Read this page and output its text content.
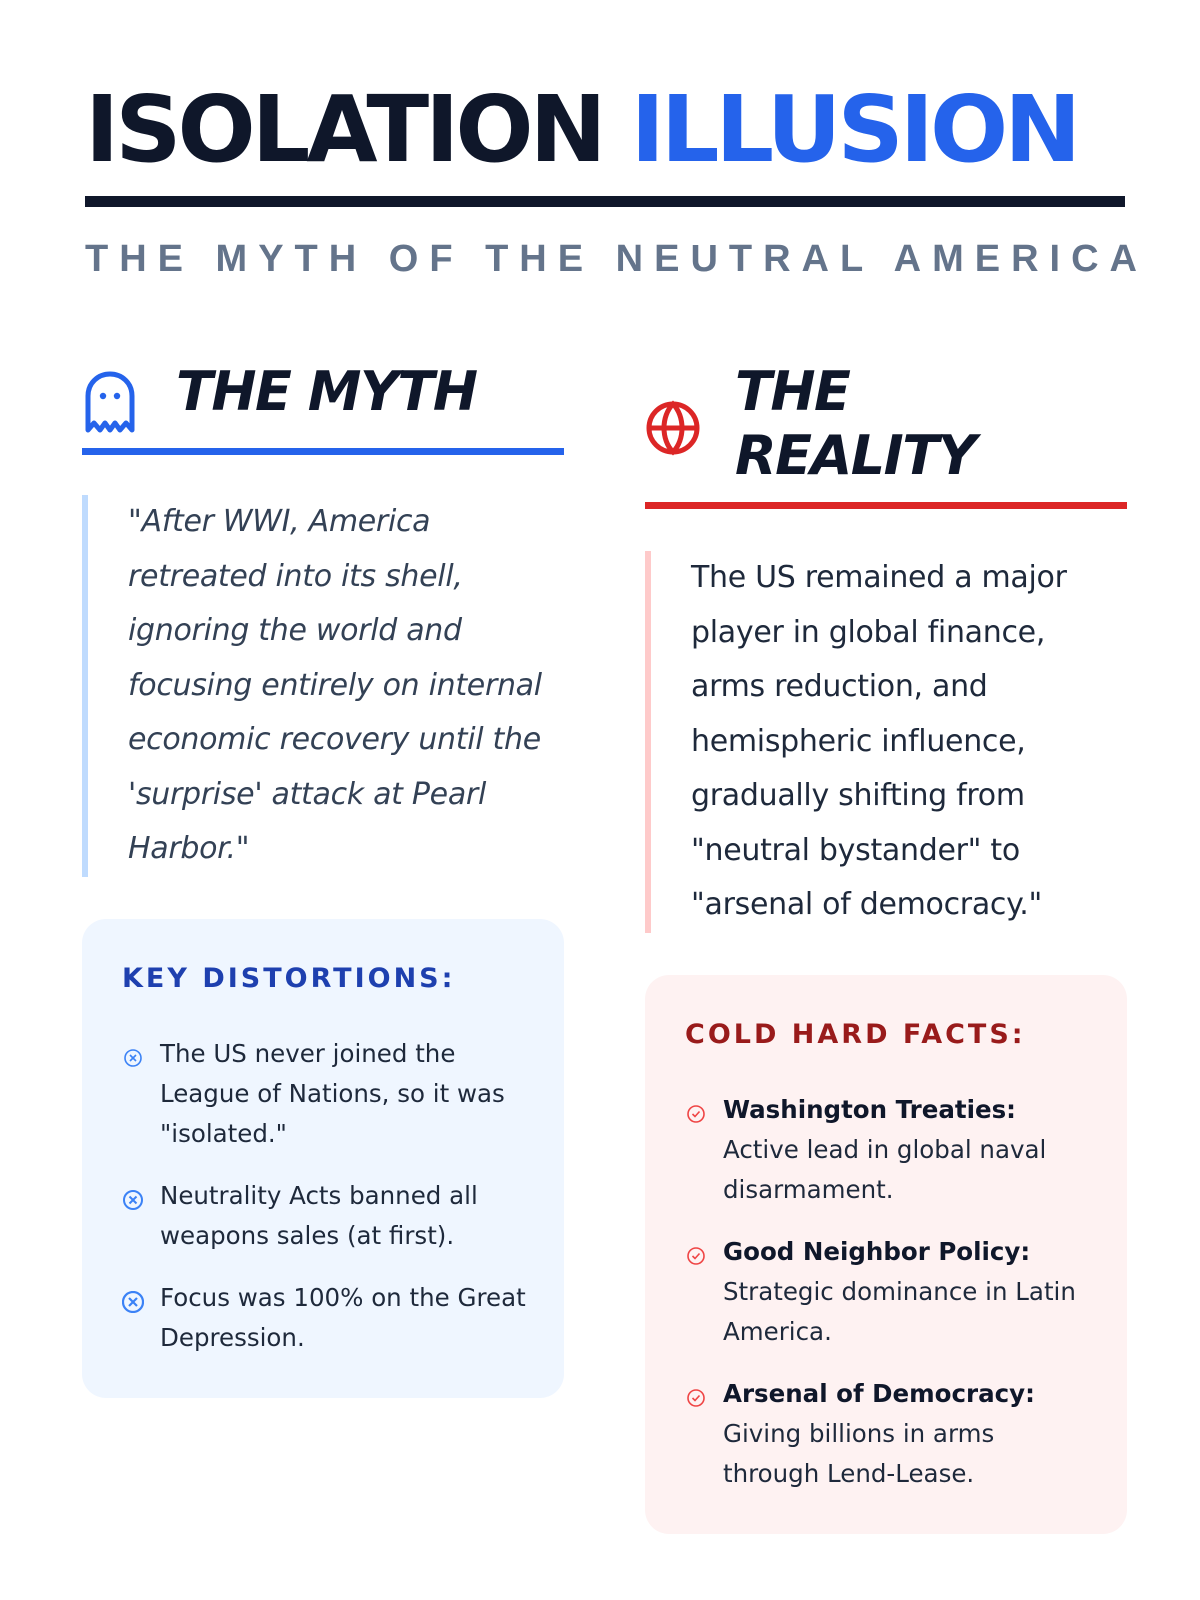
ISOLATION ILLUSION
THE MYTH OF THE NEUTRAL AMERICA
THE MYTH
"After WWI, America retreated into its shell, ignoring the world and focusing entirely on internal economic recovery until the 'surprise' attack at Pearl Harbor."
KEY DISTORTIONS:
The US never joined the League of Nations, so it was "isolated."
Neutrality Acts banned all weapons sales (at first).
Focus was 100% on the Great Depression.
THE REALITY

The US remained a major player in global finance, arms reduction, and hemispheric influence, gradually shifting from "neutral bystander" to "arsenal of democracy."

COLD HARD FACTS:
Washington Treaties:
Active lead in global naval disarmament.
Good Neighbor Policy:
Strategic dominance in Latin America.
Arsenal of Democracy:
Giving billions in arms through Lend-Lease.
